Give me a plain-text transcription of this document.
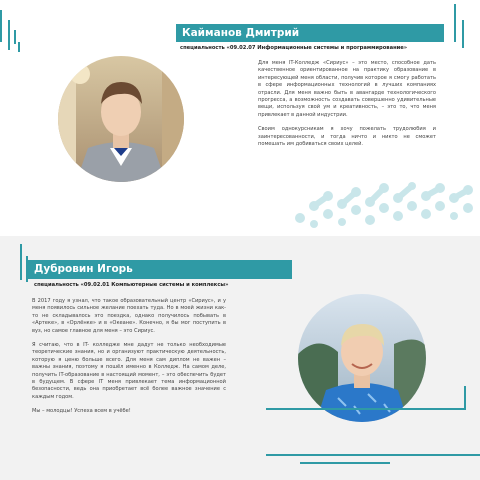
Кайманов Дмитрий
специальность «09.02.07 Информационные системы и программирование»

Для меня IT-Колледж «Сириус» – это место, способное дать качественное ориентированное на практику образование в интересующей меня области, получив которое я смогу работать в сфере информационных технологий в лучших компаниях отрасли. Для меня важно быть в авангарде технологического прогресса, а возможность создавать совершенно удивительные вещи, используя свой ум и креативность, – это то, что меня привлекает в данной индустрии.

Своим однокурсникам я хочу пожелать трудолюбия и заинтересованности, и тогда ничто и никто не сможет помешать им добиваться своих целей.

Дубровин Игорь
специальность «09.02.01 Компьютерные системы и комплексы»

В 2017 году я узнал, что такое образовательный центр «Сириус», и у меня появилось сильное желание поехать туда. Но в моей жизни как-то не складывалось это поездка, однако получилось побывать в «Артеке», в «Орлёнке» и в «Океане». Конечно, я бы мог поступить в вуз, но самое главное для меня – это Сириус.

Я считаю, что в IT- колледже мне дадут не только необходимые теоретические знания, но и организуют практическую деятельность, которую я ценю больше всего. Для меня сам диплом не важен – важны знания, поэтому я пошёл именно в Колледж. На самом деле, получить IT-образование в настоящий момент, – это обеспечить будет в будущем. В сфере IT меня привлекает тема информационной безопасности, ведь она приобретает всё более важное значение с каждым годом.

Мы – молодцы! Успеха всем в учёбе!
